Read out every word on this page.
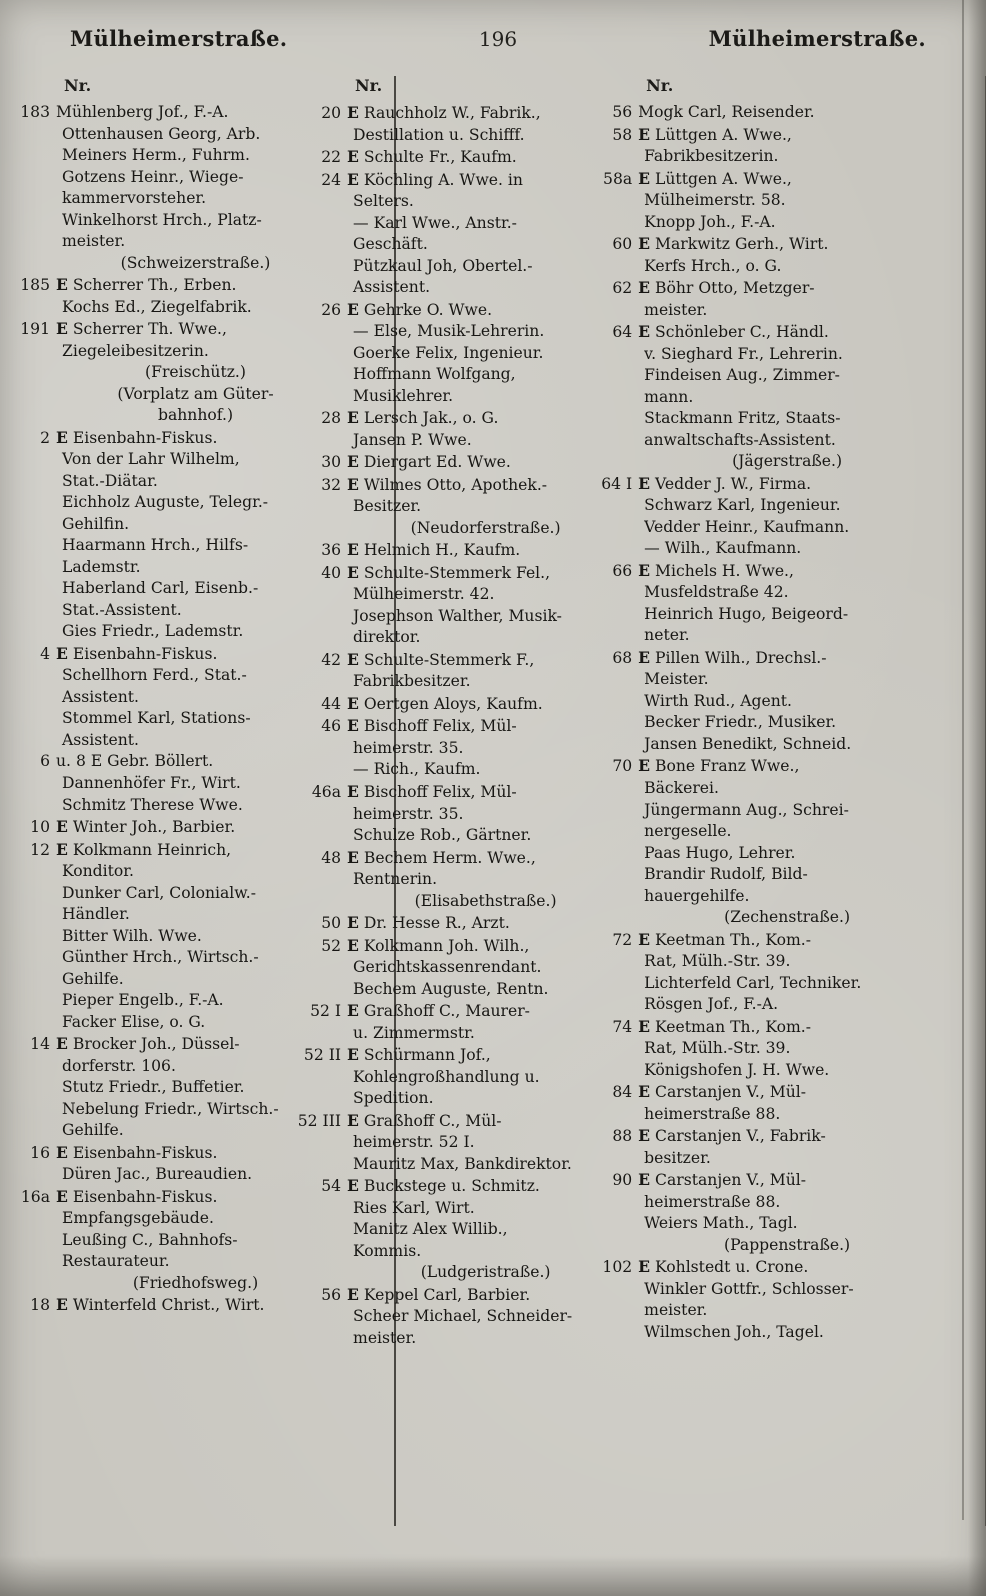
Mülheimerstraße.	196	Mülheimerstraße.
Nr.
183 Mühlenberg Jof., F.-A.
Ottenhausen Georg, Arb.
Meiners Herm., Fuhrm.
Gotzens Heinr., Wiege-
kammervorsteher.
Winkelhorst Hrch., Platz-
meister.
(Schweizerstraße.)
185 E Scherrer Th., Erben.
Kochs Ed., Ziegelfabrik.
191 E Scherrer Th. Wwe.,
Ziegeleibesitzerin.
(Freischütz.)
(Vorplatz am Güter-
bahnhof.)
2 E Eisenbahn-Fiskus.
Von der Lahr Wilhelm,
Stat.-Diätar.
Eichholz Auguste, Telegr.-
Gehilfin.
Haarmann Hrch., Hilfs-
Lademstr.
Haberland Carl, Eisenb.-
Stat.-Assistent.
Gies Friedr., Lademstr.
4 E Eisenbahn-Fiskus.
Schellhorn Ferd., Stat.-
Assistent.
Stommel Karl, Stations-
Assistent.
6 u. 8 E Gebr. Böllert.
Dannenhöfer Fr., Wirt.
Schmitz Therese Wwe.
10 E Winter Joh., Barbier.
12 E Kolkmann Heinrich,
Konditor.
Dunker Carl, Colonialw.-
Händler.
Bitter Wilh. Wwe.
Günther Hrch., Wirtsch.-
Gehilfe.
Pieper Engelb., F.-A.
Facker Elise, o. G.
14 E Brocker Joh., Düssel-
dorferstr. 106.
Stutz Friedr., Buffetier.
Nebelung Friedr., Wirtsch.-
Gehilfe.
16 E Eisenbahn-Fiskus.
Düren Jac., Bureaudien.
16a E Eisenbahn-Fiskus.
Empfangsgebäude.
Leußing C., Bahnhofs-
Restaurateur.
(Friedhofsweg.)
18 E Winterfeld Christ., Wirt.
Nr.
20 E Rauchholz W., Fabrik.,
Destillation u. Schifff.
22 E Schulte Fr., Kaufm.
24 E Köchling A. Wwe. in
Selters.
— Karl Wwe., Anstr.-
Geschäft.
Pützkaul Joh, Obertel.-
Assistent.
26 E Gehrke O. Wwe.
— Else, Musik-Lehrerin.
Goerke Felix, Ingenieur.
Hoffmann Wolfgang,
Musiklehrer.
28 E Lersch Jak., o. G.
Jansen P. Wwe.
30 E Diergart Ed. Wwe.
32 E Wilmes Otto, Apothek.-
Besitzer.
(Neudorferstraße.)
36 E Helmich H., Kaufm.
40 E Schulte-Stemmerk Fel.,
Mülheimerstr. 42.
Josephson Walther, Musik-
direktor.
42 E Schulte-Stemmerk F.,
Fabrikbesitzer.
44 E Oertgen Aloys, Kaufm.
46 E Bischoff Felix, Mül-
heimerstr. 35.
— Rich., Kaufm.
46a E Bischoff Felix, Mül-
heimerstr. 35.
Schulze Rob., Gärtner.
48 E Bechem Herm. Wwe.,
Rentnerin.
(Elisabethstraße.)
50 E Dr. Hesse R., Arzt.
52 E Kolkmann Joh. Wilh.,
Gerichtskassenrendant.
Bechem Auguste, Rentn.
52 I E Graßhoff C., Maurer-
u. Zimmermstr.
52 II E Schürmann Jof.,
Kohlengroßhandlung u.
Spedition.
52 III E Graßhoff C., Mül-
heimerstr. 52 I.
Mauritz Max, Bankdirektor.
54 E Buckstege u. Schmitz.
Ries Karl, Wirt.
Manitz Alex Willib.,
Kommis.
(Ludgeristraße.)
56 E Keppel Carl, Barbier.
Scheer Michael, Schneider-
meister.
Nr.
56 Mogk Carl, Reisender.
58 E Lüttgen A. Wwe.,
Fabrikbesitzerin.
58a E Lüttgen A. Wwe.,
Mülheimerstr. 58.
Knopp Joh., F.-A.
60 E Markwitz Gerh., Wirt.
Kerfs Hrch., o. G.
62 E Böhr Otto, Metzger-
meister.
64 E Schönleber C., Händl.
v. Sieghard Fr., Lehrerin.
Findeisen Aug., Zimmer-
mann.
Stackmann Fritz, Staats-
anwaltschafts-Assistent.
(Jägerstraße.)
64 I E Vedder J. W., Firma.
Schwarz Karl, Ingenieur.
Vedder Heinr., Kaufmann.
— Wilh., Kaufmann.
66 E Michels H. Wwe.,
Musfeldstraße 42.
Heinrich Hugo, Beigeord-
neter.
68 E Pillen Wilh., Drechsl.-
Meister.
Wirth Rud., Agent.
Becker Friedr., Musiker.
Jansen Benedikt, Schneid.
70 E Bone Franz Wwe.,
Bäckerei.
Jüngermann Aug., Schrei-
nergeselle.
Paas Hugo, Lehrer.
Brandir Rudolf, Bild-
hauergehilfe.
(Zechenstraße.)
72 E Keetman Th., Kom.-
Rat, Mülh.-Str. 39.
Lichterfeld Carl, Techniker.
Rösgen Jof., F.-A.
74 E Keetman Th., Kom.-
Rat, Mülh.-Str. 39.
Königshofen J. H. Wwe.
84 E Carstanjen V., Mül-
heimerstraße 88.
88 E Carstanjen V., Fabrik-
besitzer.
90 E Carstanjen V., Mül-
heimerstraße 88.
Weiers Math., Tagl.
(Pappenstraße.)
102 E Kohlstedt u. Crone.
Winkler Gottfr., Schlosser-
meister.
Wilmschen Joh., Tagel.
